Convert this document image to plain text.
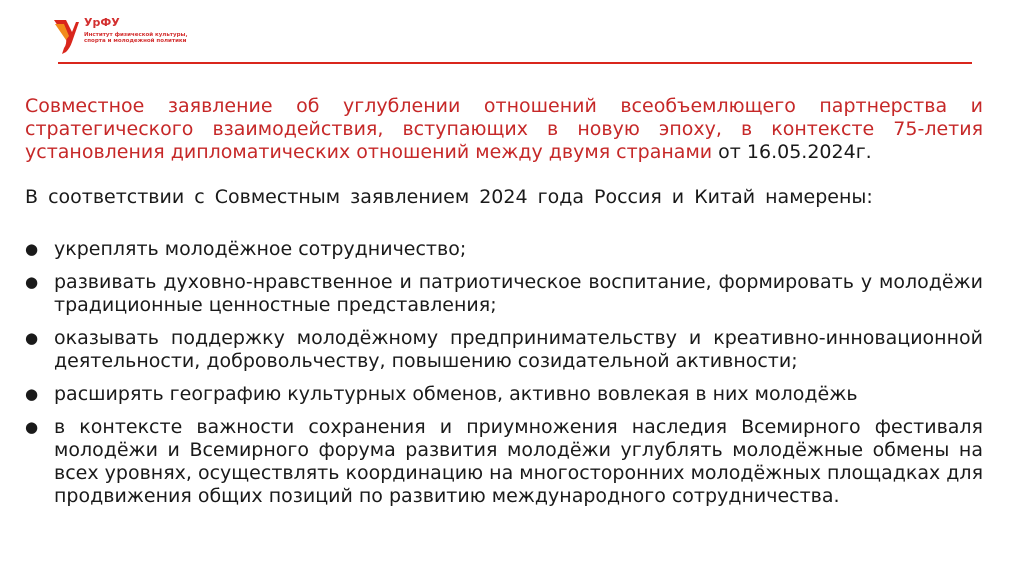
УрФУ
Институт физической культуры, спорта и молодежной политики

Совместное заявление об углублении отношений всеобъемлющего партнерства и стратегического взаимодействия, вступающих в новую эпоху, в контексте 75-летия установления дипломатических отношений между двумя странами от 16.05.2024г.

В соответствии с Совместным заявлением 2024 года Россия и Китай намерены:

● укреплять молодёжное сотрудничество;
● развивать духовно-нравственное и патриотическое воспитание, формировать у молодёжи традиционные ценностные представления;
● оказывать поддержку молодёжному предпринимательству и креативно-инновационной деятельности, добровольчеству, повышению созидательной активности;
● расширять географию культурных обменов, активно вовлекая в них молодёжь
● в контексте важности сохранения и приумножения наследия Всемирного фестиваля молодёжи и Всемирного форума развития молодёжи углублять молодёжные обмены на всех уровнях, осуществлять координацию на многосторонних молодёжных площадках для продвижения общих позиций по развитию международного сотрудничества.
